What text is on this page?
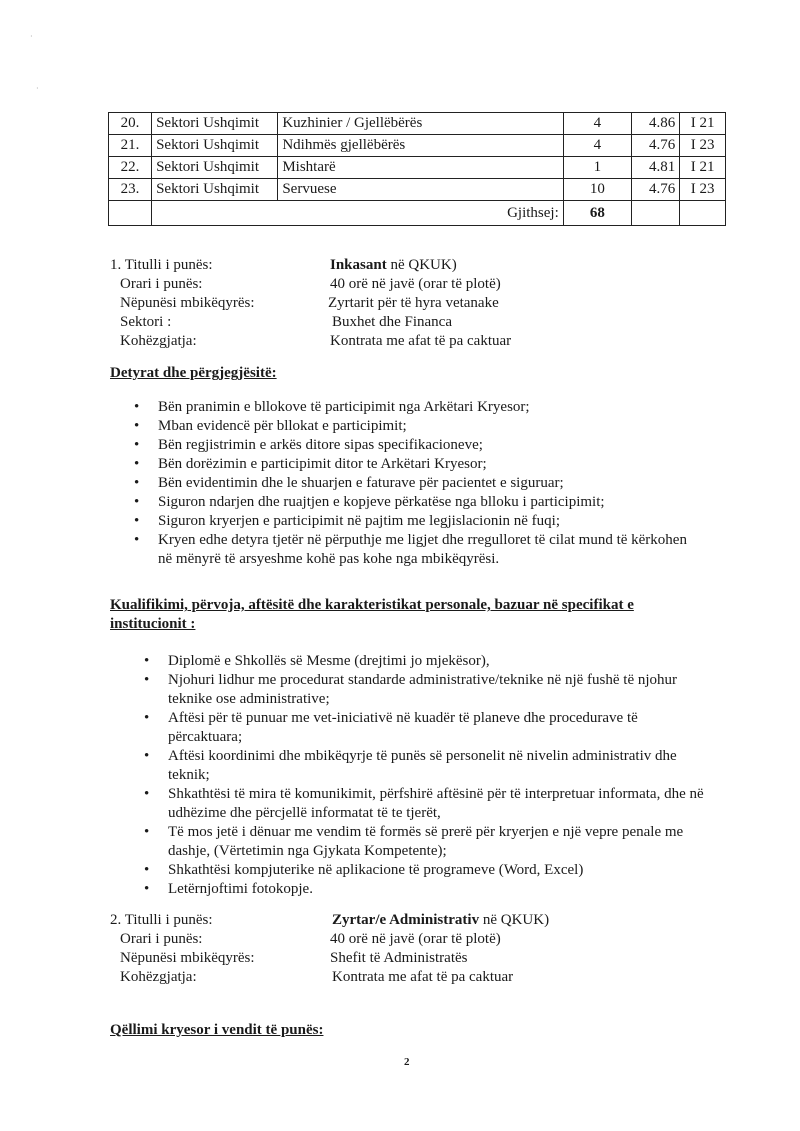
·
·
20.	Sektori Ushqimit	Kuzhinier / Gjellëbërës	4	4.86	I 21
21.	Sektori Ushqimit	Ndihmës gjellëbërës	4	4.76	I 23
22.	Sektori Ushqimit	Mishtarë	1	4.81	I 21
23.	Sektori Ushqimit	Servuese	10	4.76	I 23
	Gjithsej:		68		
1. Titulli i punës:	Inkasant në QKUK)
Orari i punës:	40 orë në javë (orar të plotë)
Nëpunësi mbikëqyrës:	Zyrtarit për të hyra vetanake
Sektori :	Buxhet dhe Financa
Kohëzgjatja:	Kontrata me afat të pa caktuar
Detyrat dhe përgjegjësitë:
• Bën pranimin e bllokove të participimit nga Arkëtari Kryesor;
• Mban evidencë për bllokat e participimit;
• Bën regjistrimin e arkës ditore sipas specifikacioneve;
• Bën dorëzimin e participimit ditor te Arkëtari Kryesor;
• Bën evidentimin dhe le shuarjen e faturave për pacientet e siguruar;
• Siguron ndarjen dhe ruajtjen e kopjeve përkatëse nga blloku i participimit;
• Siguron kryerjen e participimit në pajtim me legjislacionin në fuqi;
• Kryen edhe detyra tjetër në përputhje me ligjet dhe rregulloret të cilat mund të kërkohen në mënyrë të arsyeshme kohë pas kohe nga mbikëqyrësi.
Kualifikimi, përvoja, aftësitë dhe karakteristikat personale, bazuar në specifikat e
institucionit :
• Diplomë e Shkollës së Mesme (drejtimi jo mjekësor),
• Njohuri lidhur me procedurat standarde administrative/teknike në një fushë të njohur teknike ose administrative;
• Aftësi për të punuar me vet-iniciativë në kuadër të planeve dhe procedurave të përcaktuara;
• Aftësi koordinimi dhe mbikëqyrje të punës së personelit në nivelin administrativ dhe teknik;
• Shkathtësi të mira të komunikimit, përfshirë aftësinë për të interpretuar informata, dhe në udhëzime dhe përcjellë informatat të te tjerët,
• Të mos jetë i dënuar me vendim të formës së prerë për kryerjen e një vepre penale me dashje, (Vërtetimin nga Gjykata Kompetente);
• Shkathtësi kompjuterike në aplikacione të programeve (Word, Excel)
• Letërnjoftimi fotokopje.
2. Titulli i punës:	Zyrtar/e Administrativ në QKUK)
Orari i punës:	40 orë në javë (orar të plotë)
Nëpunësi mbikëqyrës:	Shefit të Administratës
Kohëzgjatja:	Kontrata me afat të pa caktuar
Qëllimi kryesor i vendit të punës:
2
